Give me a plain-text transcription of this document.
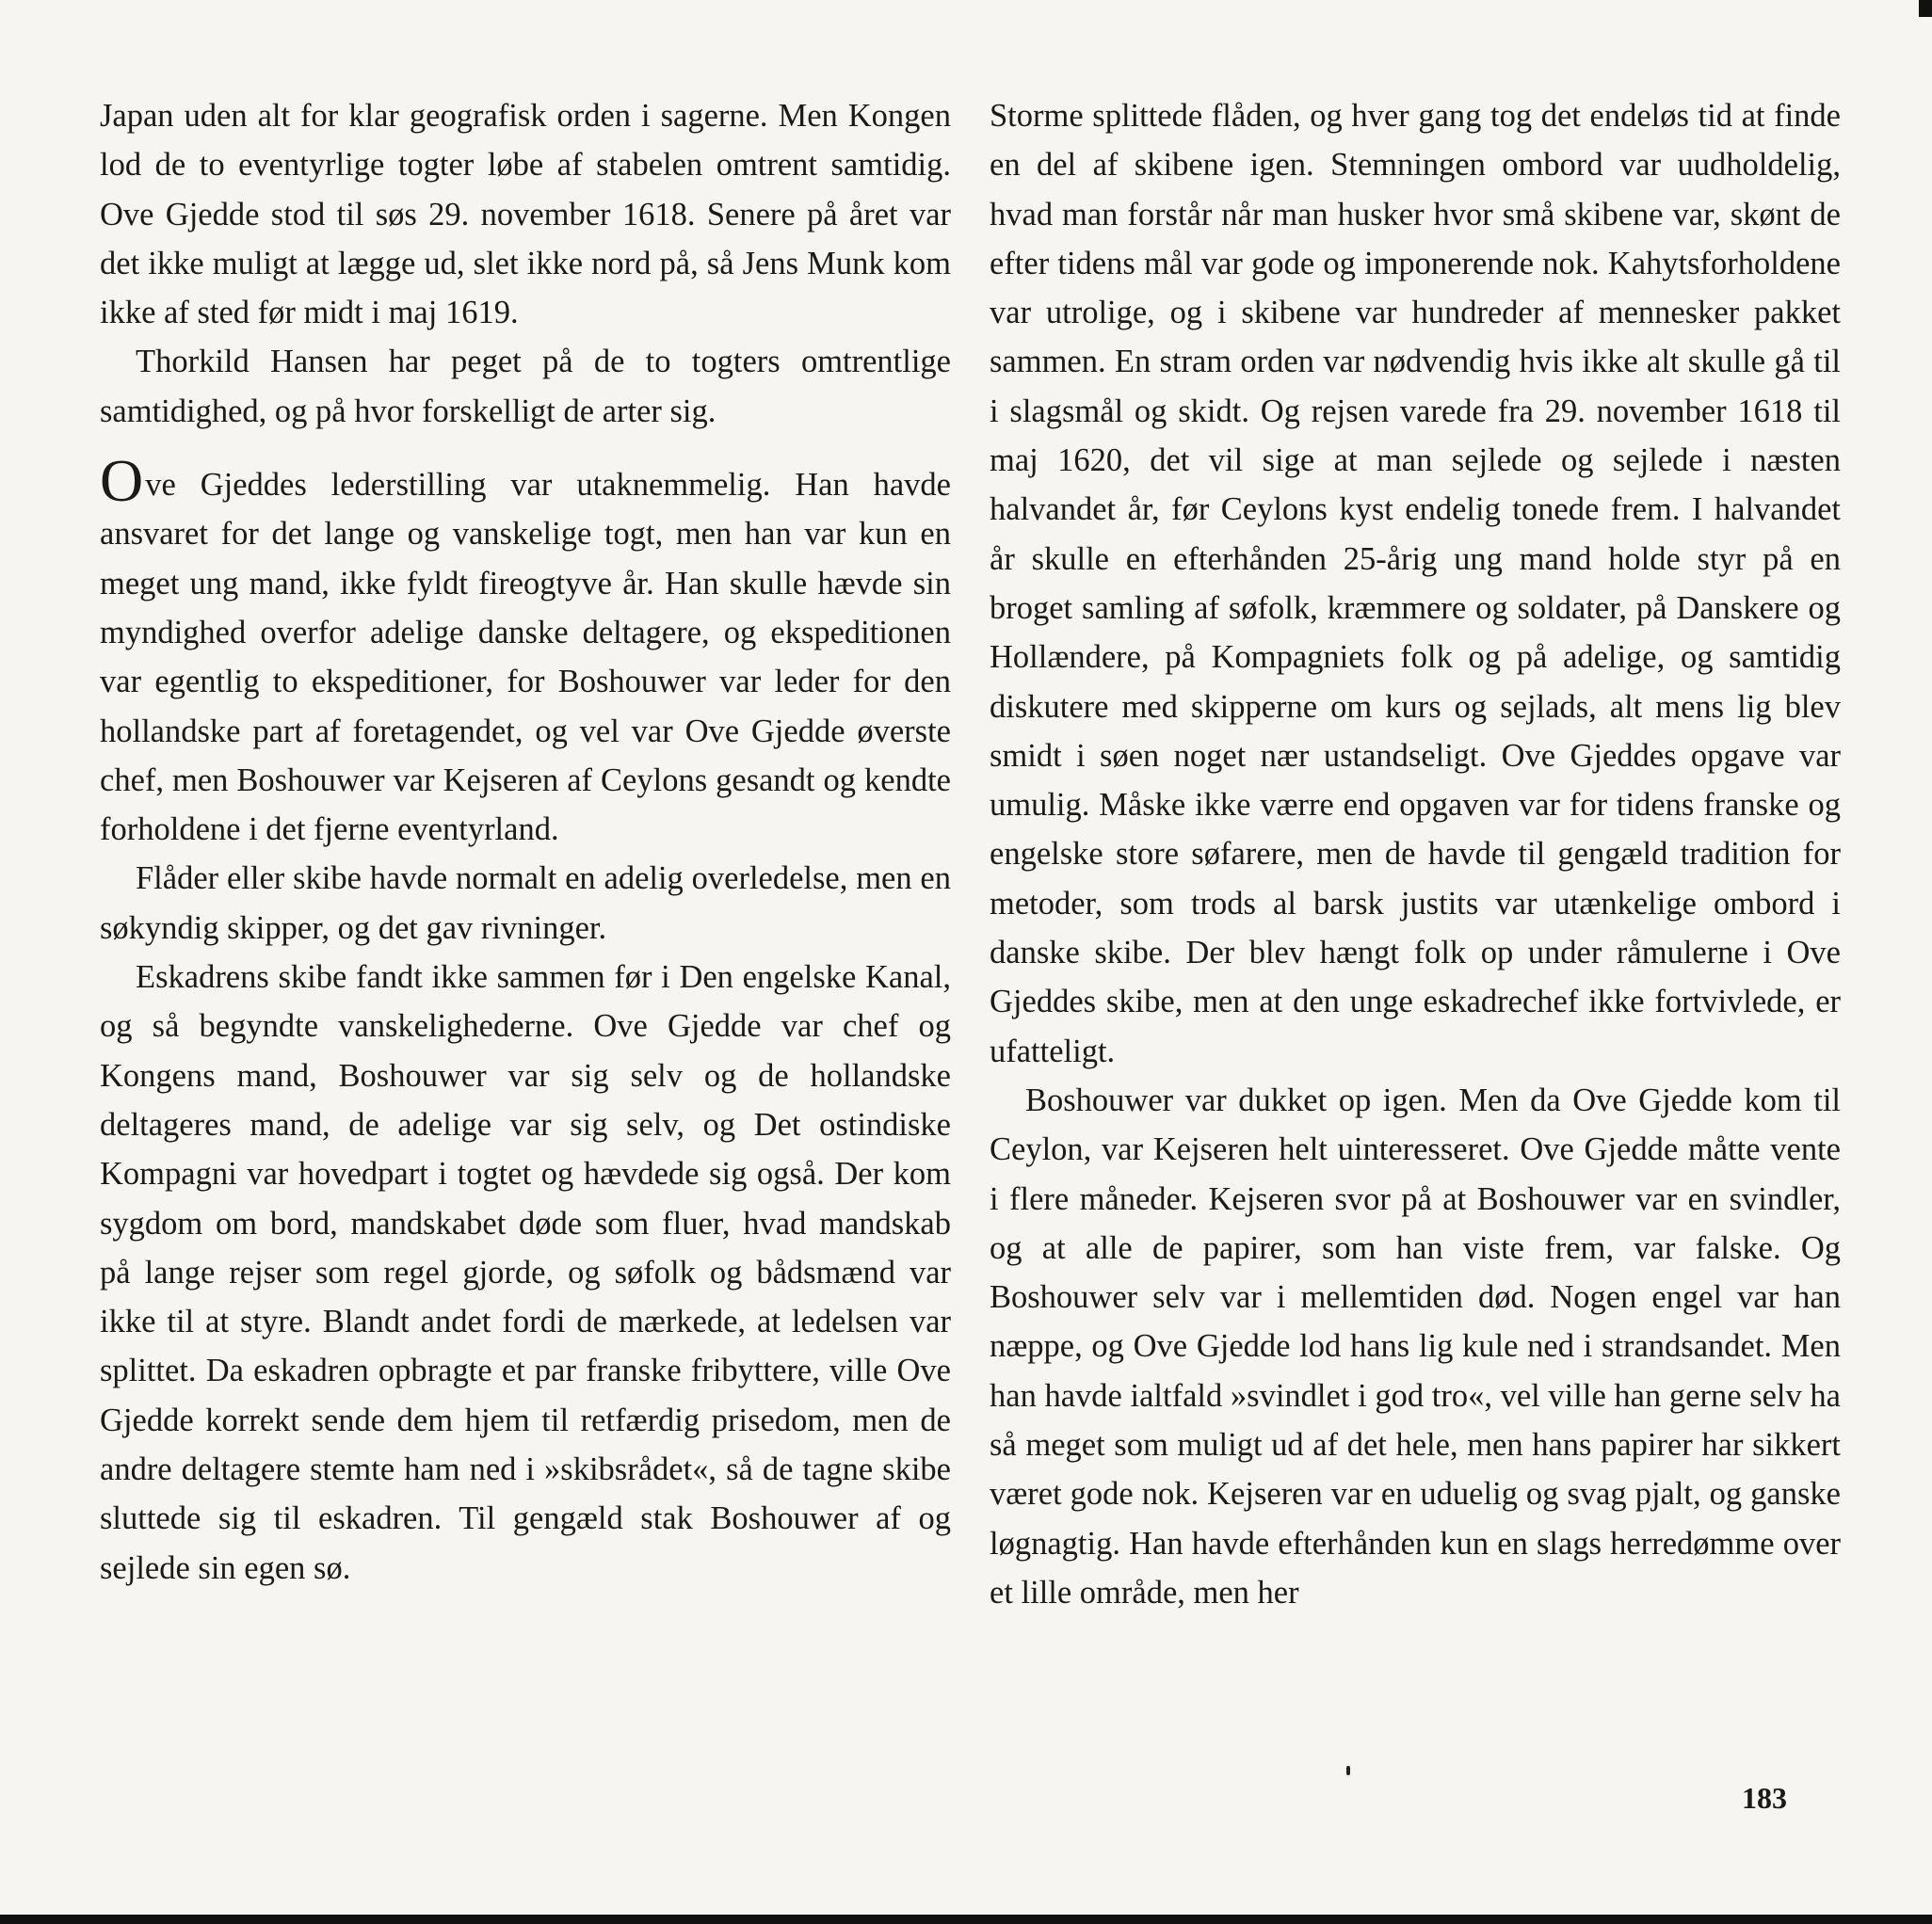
Japan uden alt for klar geografisk orden i sagerne. Men Kongen lod de to eventyrlige togter løbe af stabelen omtrent samtidig. Ove Gjedde stod til søs 29. november 1618. Senere på året var det ikke muligt at lægge ud, slet ikke nord på, så Jens Munk kom ikke af sted før midt i maj 1619.

Thorkild Hansen har peget på de to togters omtrentlige samtidighed, og på hvor forskelligt de arter sig.

Ove Gjeddes lederstilling var utaknemmelig. Han havde ansvaret for det lange og vanskelige togt, men han var kun en meget ung mand, ikke fyldt fireogtyve år. Han skulle hævde sin myndighed overfor adelige danske deltagere, og ekspeditionen var egentlig to ekspeditioner, for Boshouwer var leder for den hollandske part af foretagendet, og vel var Ove Gjedde øverste chef, men Boshouwer var Kejseren af Ceylons gesandt og kendte forholdene i det fjerne eventyrland.

Flåder eller skibe havde normalt en adelig overledelse, men en søkyndig skipper, og det gav rivninger.

Eskadrens skibe fandt ikke sammen før i Den engelske Kanal, og så begyndte vanskelighederne. Ove Gjedde var chef og Kongens mand, Boshouwer var sig selv og de hollandske deltageres mand, de adelige var sig selv, og Det ostindiske Kompagni var hovedpart i togtet og hævdede sig også. Der kom sygdom om bord, mandskabet døde som fluer, hvad mandskab på lange rejser som regel gjorde, og søfolk og bådsmænd var ikke til at styre. Blandt andet fordi de mærkede, at ledelsen var splittet. Da eskadren opbragte et par franske fribyttere, ville Ove Gjedde korrekt sende dem hjem til retfærdig prisedom, men de andre deltagere stemte ham ned i »skibsrådet«, så de tagne skibe sluttede sig til eskadren. Til gengæld stak Boshouwer af og sejlede sin egen sø.

Storme splittede flåden, og hver gang tog det endeløs tid at finde en del af skibene igen. Stemningen ombord var uudholdelig, hvad man forstår når man husker hvor små skibene var, skønt de efter tidens mål var gode og imponerende nok. Kahytsforholdene var utrolige, og i skibene var hundreder af mennesker pakket sammen. En stram orden var nødvendig hvis ikke alt skulle gå til i slagsmål og skidt. Og rejsen varede fra 29. november 1618 til maj 1620, det vil sige at man sejlede og sejlede i næsten halvandet år, før Ceylons kyst endelig tonede frem. I halvandet år skulle en efterhånden 25-årig ung mand holde styr på en broget samling af søfolk, kræmmere og soldater, på Danskere og Hollændere, på Kompagniets folk og på adelige, og samtidig diskutere med skipperne om kurs og sejlads, alt mens lig blev smidt i søen noget nær ustandseligt. Ove Gjeddes opgave var umulig. Måske ikke værre end opgaven var for tidens franske og engelske store søfarere, men de havde til gengæld tradition for metoder, som trods al barsk justits var utænkelige ombord i danske skibe. Der blev hængt folk op under råmulerne i Ove Gjeddes skibe, men at den unge eskadrechef ikke fortvivlede, er ufatteligt.

Boshouwer var dukket op igen. Men da Ove Gjedde kom til Ceylon, var Kejseren helt uinteresseret. Ove Gjedde måtte vente i flere måneder. Kejseren svor på at Boshouwer var en svindler, og at alle de papirer, som han viste frem, var falske. Og Boshouwer selv var i mellemtiden død. Nogen engel var han næppe, og Ove Gjedde lod hans lig kule ned i strandsandet. Men han havde ialtfald »svindlet i god tro«, vel ville han gerne selv ha så meget som muligt ud af det hele, men hans papirer har sikkert været gode nok. Kejseren var en uduelig og svag pjalt, og ganske løgnagtig. Han havde efterhånden kun en slags herredømme over et lille område, men her

183
